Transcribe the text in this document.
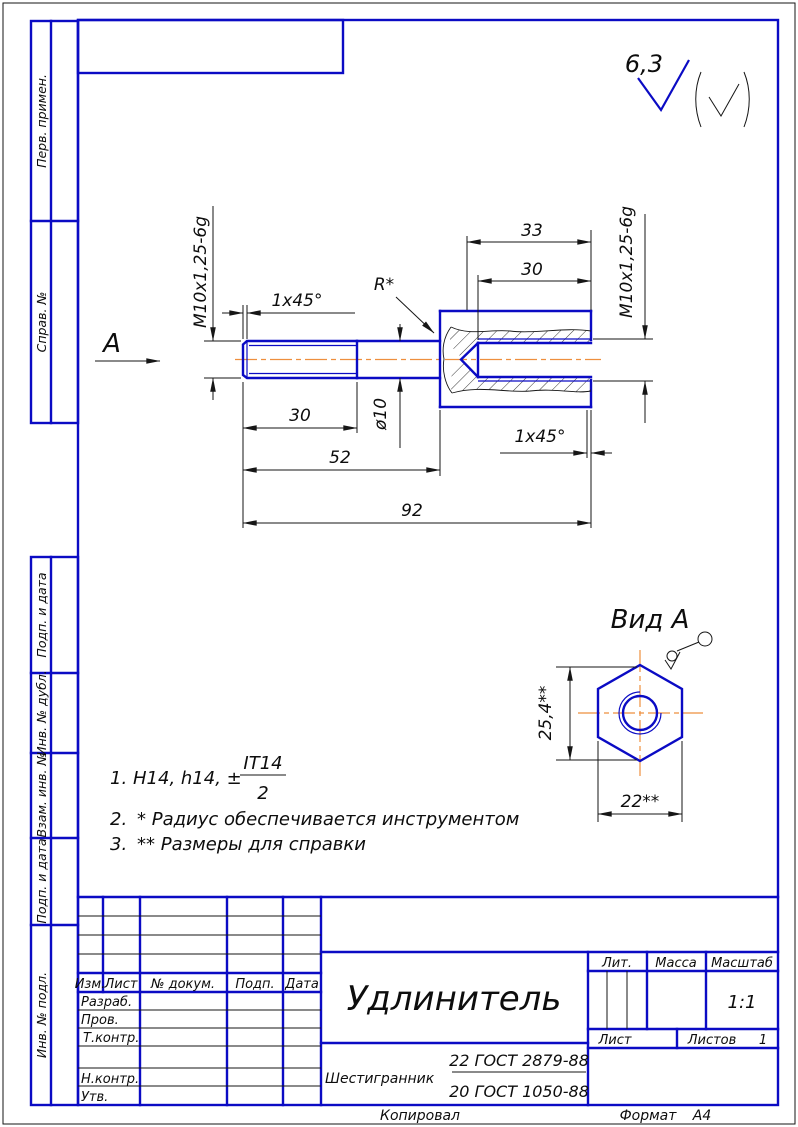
Перв. примен.
Справ. №
Подп. и дата
Инв. № дубл.
Взам. инв. №
Подп. и дата
Инв. № подл.
6,3
А
M10x1,25-6g	1x45°
R*
33
30	M10x1,25-6g
30	ø10
52
92
1x45°
Вид А
25,4**
22**
1. H14, h14, ±
IT14
2
2. * Радиус обеспечивается инструментом
3. ** Размеры для справки
Изм. Лист № докум. Подп. Дата
Разраб.
Пров.
Т.контр.
Н.контр.
Утв.
Удлинитель
Шестигранник
22 ГОСТ 2879-88
20 ГОСТ 1050-88
Лит. Масса Масштаб
1:1
Лист	Листов 1
Копировал	Формат А4
